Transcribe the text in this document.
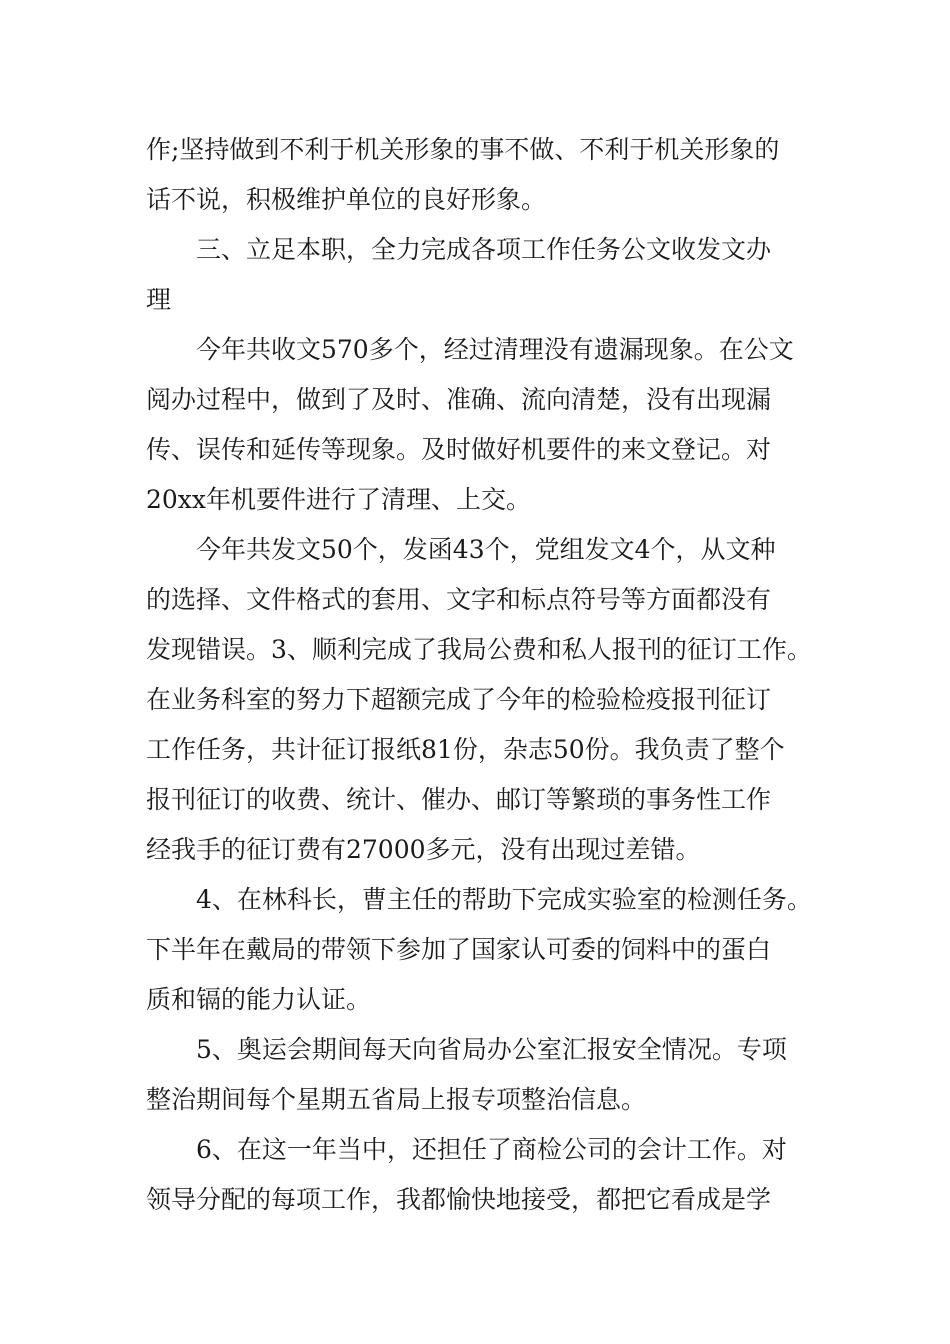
作;坚持做到不利于机关形象的事不做、不利于机关形象的
话不说，积极维护单位的良好形象。
三、立足本职，全力完成各项工作任务公文收发文办
理
今年共收文570多个，经过清理没有遗漏现象。在公文
阅办过程中，做到了及时、准确、流向清楚，没有出现漏
传、误传和延传等现象。及时做好机要件的来文登记。对
20xx年机要件进行了清理、上交。
今年共发文50个，发函43个，党组发文4个，从文种
的选择、文件格式的套用、文字和标点符号等方面都没有
发现错误。3、顺利完成了我局公费和私人报刊的征订工作。
在业务科室的努力下超额完成了今年的检验检疫报刊征订
工作任务，共计征订报纸81份，杂志50份。我负责了整个
报刊征订的收费、统计、催办、邮订等繁琐的事务性工作
经我手的征订费有27000多元，没有出现过差错。
4、在林科长，曹主任的帮助下完成实验室的检测任务。
下半年在戴局的带领下参加了国家认可委的饲料中的蛋白
质和镉的能力认证。
5、奥运会期间每天向省局办公室汇报安全情况。专项
整治期间每个星期五省局上报专项整治信息。
6、在这一年当中，还担任了商检公司的会计工作。对
领导分配的每项工作，我都愉快地接受，都把它看成是学
